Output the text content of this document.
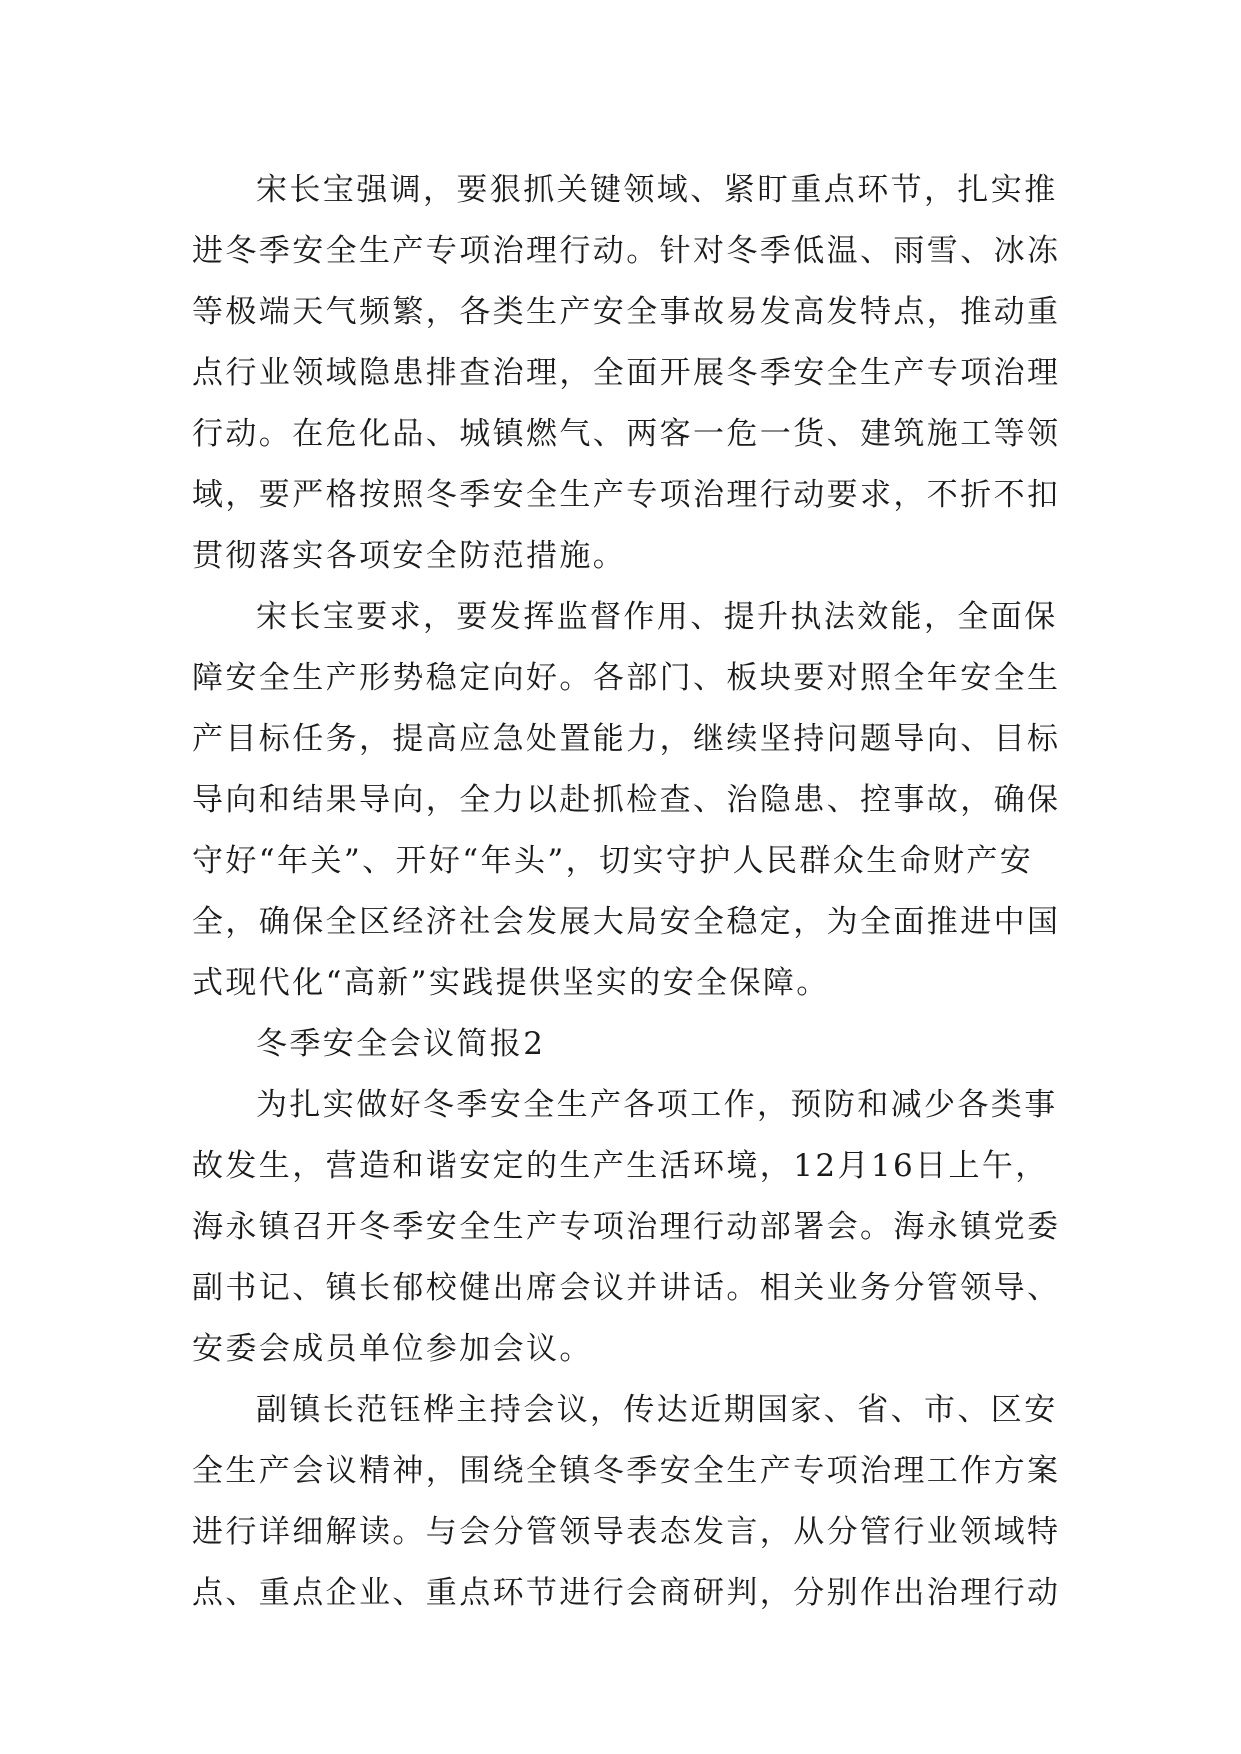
宋长宝强调，要狠抓关键领域、紧盯重点环节，扎实推
进冬季安全生产专项治理行动。针对冬季低温、雨雪、冰冻
等极端天气频繁，各类生产安全事故易发高发特点，推动重
点行业领域隐患排查治理，全面开展冬季安全生产专项治理
行动。在危化品、城镇燃气、两客一危一货、建筑施工等领
域，要严格按照冬季安全生产专项治理行动要求，不折不扣
贯彻落实各项安全防范措施。
宋长宝要求，要发挥监督作用、提升执法效能，全面保
障安全生产形势稳定向好。各部门、板块要对照全年安全生
产目标任务，提高应急处置能力，继续坚持问题导向、目标
导向和结果导向，全力以赴抓检查、治隐患、控事故，确保
守好“年关”、开好“年头”，切实守护人民群众生命财产安
全，确保全区经济社会发展大局安全稳定，为全面推进中国
式现代化“高新”实践提供坚实的安全保障。
冬季安全会议简报2
为扎实做好冬季安全生产各项工作，预防和减少各类事
故发生，营造和谐安定的生产生活环境，12月16日上午，
海永镇召开冬季安全生产专项治理行动部署会。海永镇党委
副书记、镇长郁校健出席会议并讲话。相关业务分管领导、
安委会成员单位参加会议。
副镇长范钰桦主持会议，传达近期国家、省、市、区安
全生产会议精神，围绕全镇冬季安全生产专项治理工作方案
进行详细解读。与会分管领导表态发言，从分管行业领域特
点、重点企业、重点环节进行会商研判，分别作出治理行动
